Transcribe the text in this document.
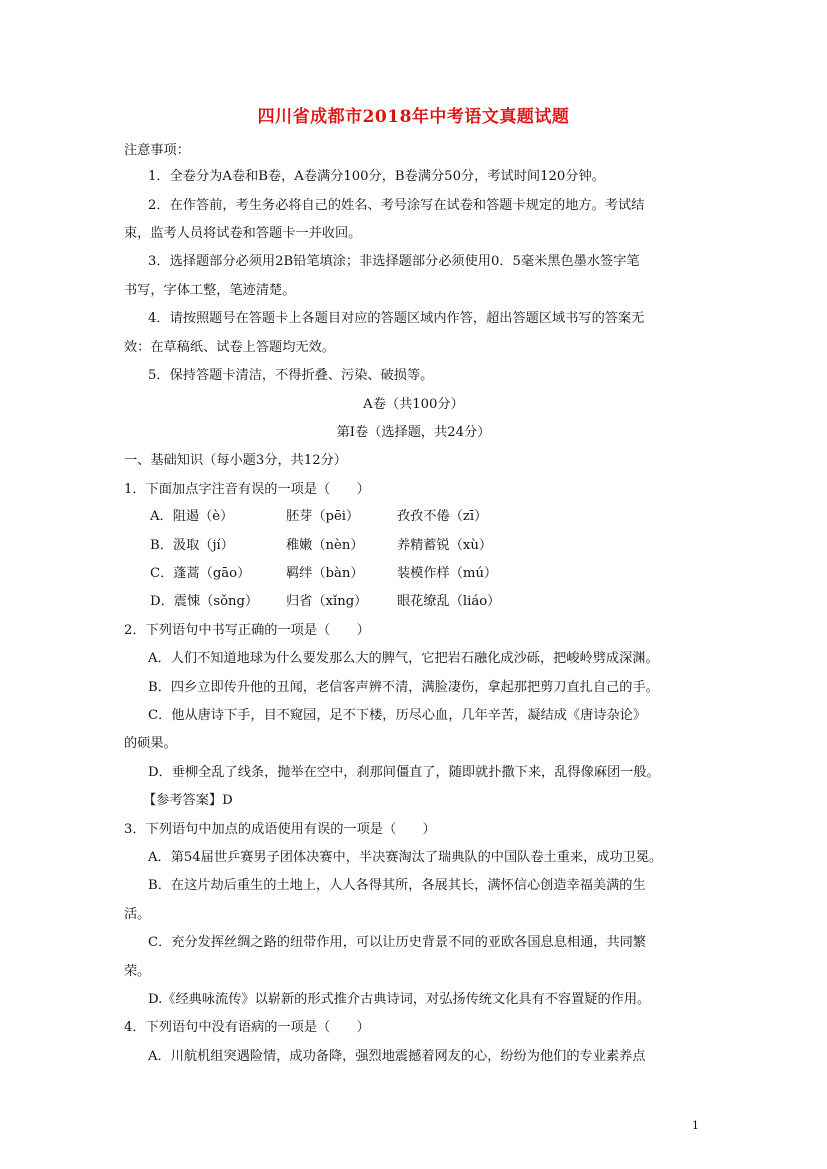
四川省成都市2018年中考语文真题试题
注意事项：
1．全卷分为A卷和B卷，A卷满分100分，B卷满分50分，考试时间120分钟。
2．在作答前，考生务必将自己的姓名、考号涂写在试卷和答题卡规定的地方。考试结
束，监考人员将试卷和答题卡一并收回。
3．选择题部分必须用2B铅笔填涂；非选择题部分必须使用0．5毫米黑色墨水签字笔
书写，字体工整，笔迹清楚。
4．请按照题号在答题卡上各题目对应的答题区域内作答，超出答题区域书写的答案无
效：在草稿纸、试卷上答题均无效。
5．保持答题卡清洁，不得折叠、污染、破损等。
A卷（共100分）
第Ⅰ卷（选择题，共24分）
一、基础知识（每小题3分，共12分）
1．下面加点字注音有误的一项是（　　）
A．阻遏（è）	胚芽（pēi）	孜孜不倦（zī）
B．汲取（jí）	稚嫩（nèn）	养精蓄锐（xù）
C．蓬蒿（gāo）	羁绊（bàn）	装模作样（mú）
D．震悚（sǒng） 归省（xǐng） 眼花缭乱（liáo）
2．下列语句中书写正确的一项是（　　）
A．人们不知道地球为什么要发那么大的脾气，它把岩石融化成沙砾，把峻岭劈成深渊。
B．四乡立即传升他的丑闻，老信客声辨不清，满脸凄伤，拿起那把剪刀直扎自己的手。
C．他从唐诗下手，目不窥园，足不下楼，历尽心血，几年辛苦，凝结成《唐诗杂论》
的硕果。
D．垂柳全乱了线条，抛举在空中，刹那间僵直了，随即就扑撒下来，乱得像麻团一般。
【参考答案】D
3．下列语句中加点的成语使用有误的一项是（　　）
A．第54届世乒赛男子团体决赛中，半决赛淘汰了瑞典队的中国队卷土重来，成功卫冕。
B．在这片劫后重生的土地上，人人各得其所，各展其长，满怀信心创造幸福美满的生
活。
C．充分发挥丝绸之路的纽带作用，可以让历史背景不同的亚欧各国息息相通，共同繁
荣。
D.《经典咏流传》以崭新的形式推介古典诗词，对弘扬传统文化具有不容置疑的作用。
4．下列语句中没有语病的一项是（　　）
A．川航机组突遇险情，成功备降，强烈地震撼着网友的心，纷纷为他们的专业素养点
1
